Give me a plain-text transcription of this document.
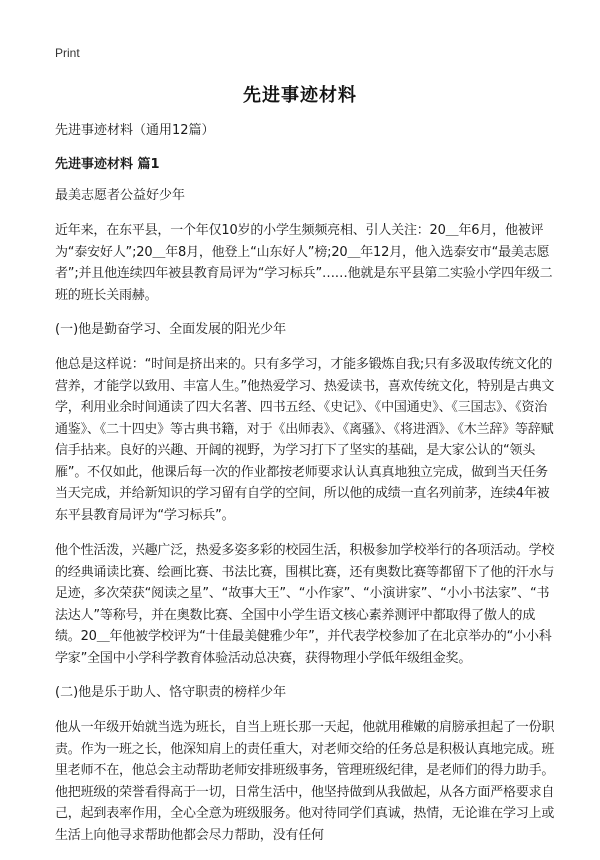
Print
先进事迹材料
先进事迹材料（通用12篇）
先进事迹材料 篇1
最美志愿者公益好少年
近年来，在东平县，一个年仅10岁的小学生频频亮相、引人关注：20＿年6月，他被评为“泰安好人”;20＿年8月，他登上“山东好人”榜;20＿年12月，他入选泰安市“最美志愿者”;并且他连续四年被县教育局评为“学习标兵”……他就是东平县第二实验小学四年级二班的班长关雨赫。
(一)他是勤奋学习、全面发展的阳光少年
他总是这样说：“时间是挤出来的。只有多学习，才能多锻炼自我;只有多汲取传统文化的营养，才能学以致用、丰富人生。”他热爱学习、热爱读书，喜欢传统文化，特别是古典文学，利用业余时间通读了四大名著、四书五经、《史记》、《中国通史》、《三国志》、《资治通鉴》、《二十四史》等古典书籍，对于《出师表》、《离骚》、《将进酒》、《木兰辞》等辞赋信手拈来。良好的兴趣、开阔的视野，为学习打下了坚实的基础，是大家公认的“领头雁”。不仅如此，他课后每一次的作业都按老师要求认认真真地独立完成，做到当天任务当天完成，并给新知识的学习留有自学的空间，所以他的成绩一直名列前茅，连续4年被东平县教育局评为“学习标兵”。
他个性活泼，兴趣广泛，热爱多姿多彩的校园生活，积极参加学校举行的各项活动。学校的经典诵读比赛、绘画比赛、书法比赛，围棋比赛，还有奥数比赛等都留下了他的汗水与足迹，多次荣获“阅读之星”、“故事大王”、“小作家”、“小演讲家”、“小小书法家”、“书法达人”等称号，并在奥数比赛、全国中小学生语文核心素养测评中都取得了傲人的成绩。20＿年他被学校评为“十佳最美健雅少年”，并代表学校参加了在北京举办的“小小科学家”全国中小学科学教育体验活动总决赛，获得物理小学低年级组金奖。
(二)他是乐于助人、恪守职责的榜样少年
他从一年级开始就当选为班长，自当上班长那一天起，他就用稚嫩的肩膀承担起了一份职责。作为一班之长，他深知肩上的责任重大，对老师交给的任务总是积极认真地完成。班里老师不在，他总会主动帮助老师安排班级事务，管理班级纪律，是老师们的得力助手。他把班级的荣誉看得高于一切，日常生活中，他坚持做到从我做起，从各方面严格要求自己，起到表率作用，全心全意为班级服务。他对待同学们真诚，热情，无论谁在学习上或生活上向他寻求帮助他都会尽力帮助，没有任何
